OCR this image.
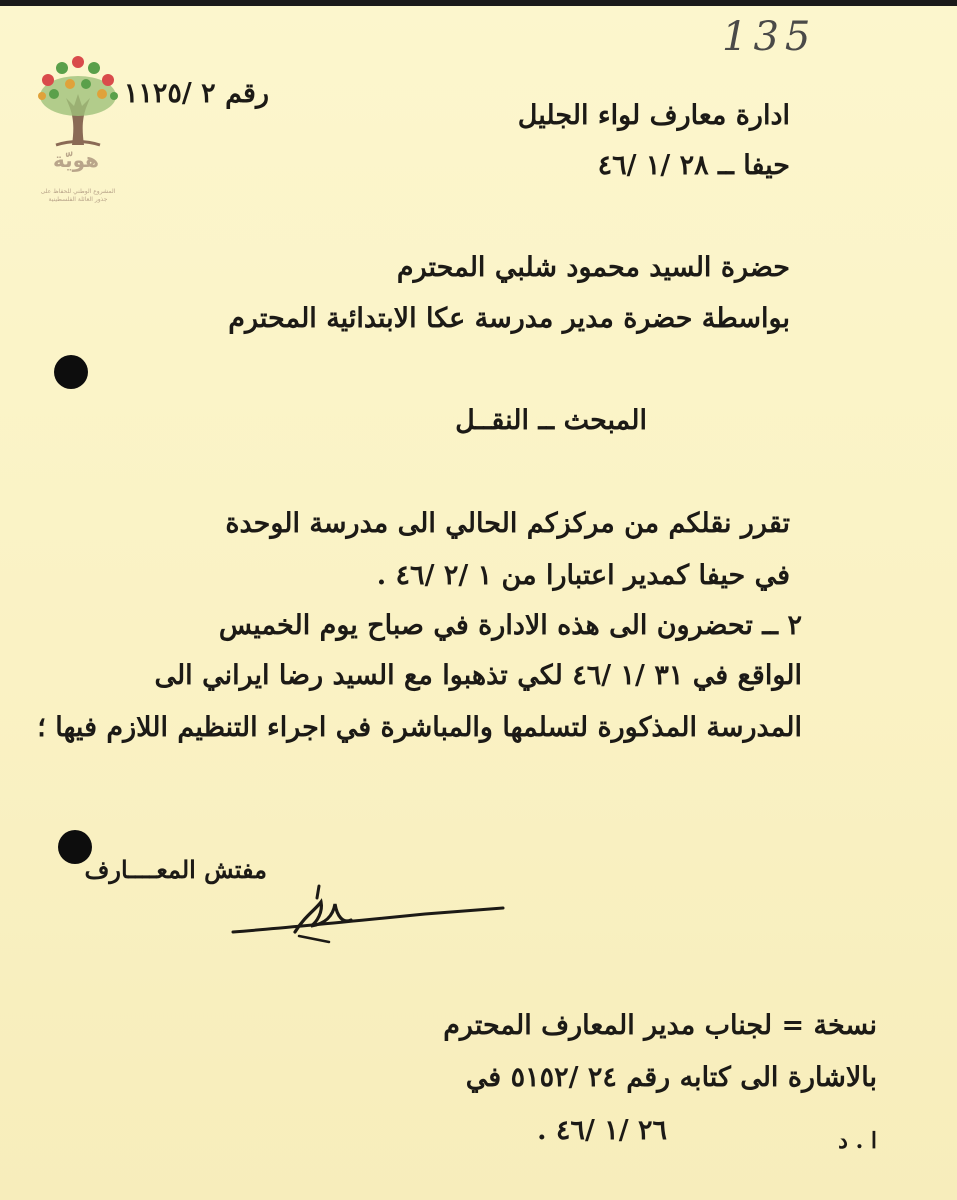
هويّة
المشروع الوطني للحفاظ على
جذور العائلة الفلسطينية
135
رقم ٢ /١١٢٥
ادارة معارف لواء الجليل
حيفا ــ ٢٨ /١ /٤٦
حضرة السيد محمود شلبي المحترم
بواسطة حضرة مدير مدرسة عكا الابتدائية المحترم
المبحث ــ النقــل
تقرر نقلكم من مركزكم الحالي الى مدرسة الوحدة
في حيفا كمدير اعتبارا من ١ /٢ /٤٦ .
٢ ــ تحضرون الى هذه الادارة في صباح يوم الخميس
الواقع في ٣١ /١ /٤٦ لكي تذهبوا مع السيد رضا ايراني الى
المدرسة المذكورة لتسلمها والمباشرة في اجراء التنظيم اللازم فيها ؛
مفتش المعــــارف
نسخة = لجناب مدير المعارف المحترم
بالاشارة الى كتابه رقم ٢٤ /٥١٥٢ في
٢٦ /١ /٤٦ .	ا . د
